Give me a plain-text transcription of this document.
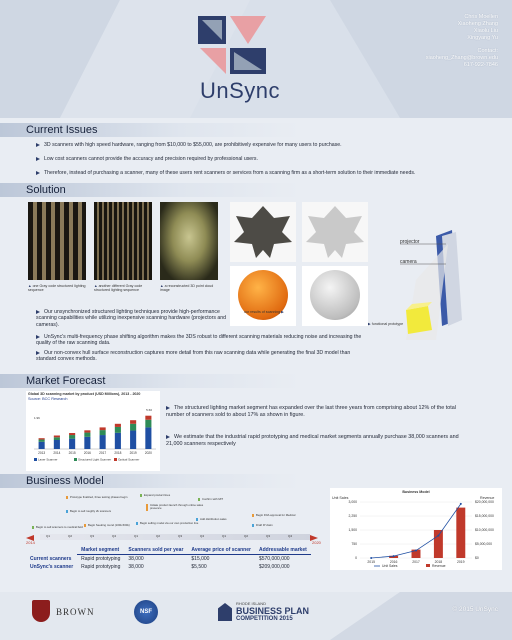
UnSync
Chris Moellen
Xiaoheng Zhang
Xiaolu Liu
Xingyang Yu
Contact:
xiaoheng_Zhang@brown.edu
617-922-7846
Current Issues
3D scanners with high speed hardware, ranging from $10,000 to $55,000, are prohibitively expensive for many users to purchase.
Low cost scanners cannot provide the accuracy and precision required by professional users.
Therefore, instead of purchasing a scanner, many of these users rent scanners or services from a scanning firm as a short-term solution to their immediate needs.
Solution
projector
camera
▲ one Gray code structured lighting sequence
▲ another different Gray code structured lighting sequence
▲ a reconstructed 3D point cloud image
our results of scanning ▶
▶ functional prototype
Our unsynchronized structured lighting techniques provide high-performance scanning capabilities while utilizing inexpensive scanning hardware (projectors and cameras).
UnSync's multi-frequency phase shifting algorithm makes the 3DS robust to different scanning materials reducing noise and increasing the quality of the raw scanning data.
Our non-convex hull surface reconstruction captures more detail from this raw scanning data while generating the final 3D model than standard convex methods.
Market Forecast
Global 3D scanning market by product (USD Millions), 2013 - 2020
Source: BCC Research
2013	2014	2015	2016	2017	2018	2019	2020
1.96
5.60
Laser Scanner	Structured Light Scanner Optical Scanner
The structured lighting market segment has expanded over the last three years from comprising about 12% of the total number of scanners sold to about 17% as shown in figure.
We estimate that the industrial rapid prototyping and medical market segments annually purchase 38,000 scanners and 21,000 scanners respectively
Business Model
2014	2020
Q1	Q2	Q3	Q4	Q1	Q2	Q3	Q4	Q1	Q2	Q3	Q4
Prototype finalized, three testing phases begin
Begin to sell roughly 2k scanners
Begin to sell scanners to medical field	Begin Seeking round (100k-500k)	Begin selling model via our own production line
Expand product lines
Initiate product launch through online sales presence
Add distribution sales
Confirm with MIT
Begin FDA approval for Medical
Draft IP claim
Business Model
Unit Sales	Revenue
0
750
1,500
2,250
3,000
$0
$5,000,000
$10,000,000
$15,000,000
$20,000,000
2015	2016	2017	2018	2019
Unit Sales	Revenue
	Market segment	Scanners sold per year	Average price of scanner	Addressable market
Current scanners	Rapid prototyping	38,000	$15,000	$570,000,000
UnSync's scanner	Rapid prototyping	38,000	$5,500	$209,000,000
BROWN	NSF
RHODE ISLAND
BUSINESS PLAN
COMPETITION 2015
© 2015 UnSync
